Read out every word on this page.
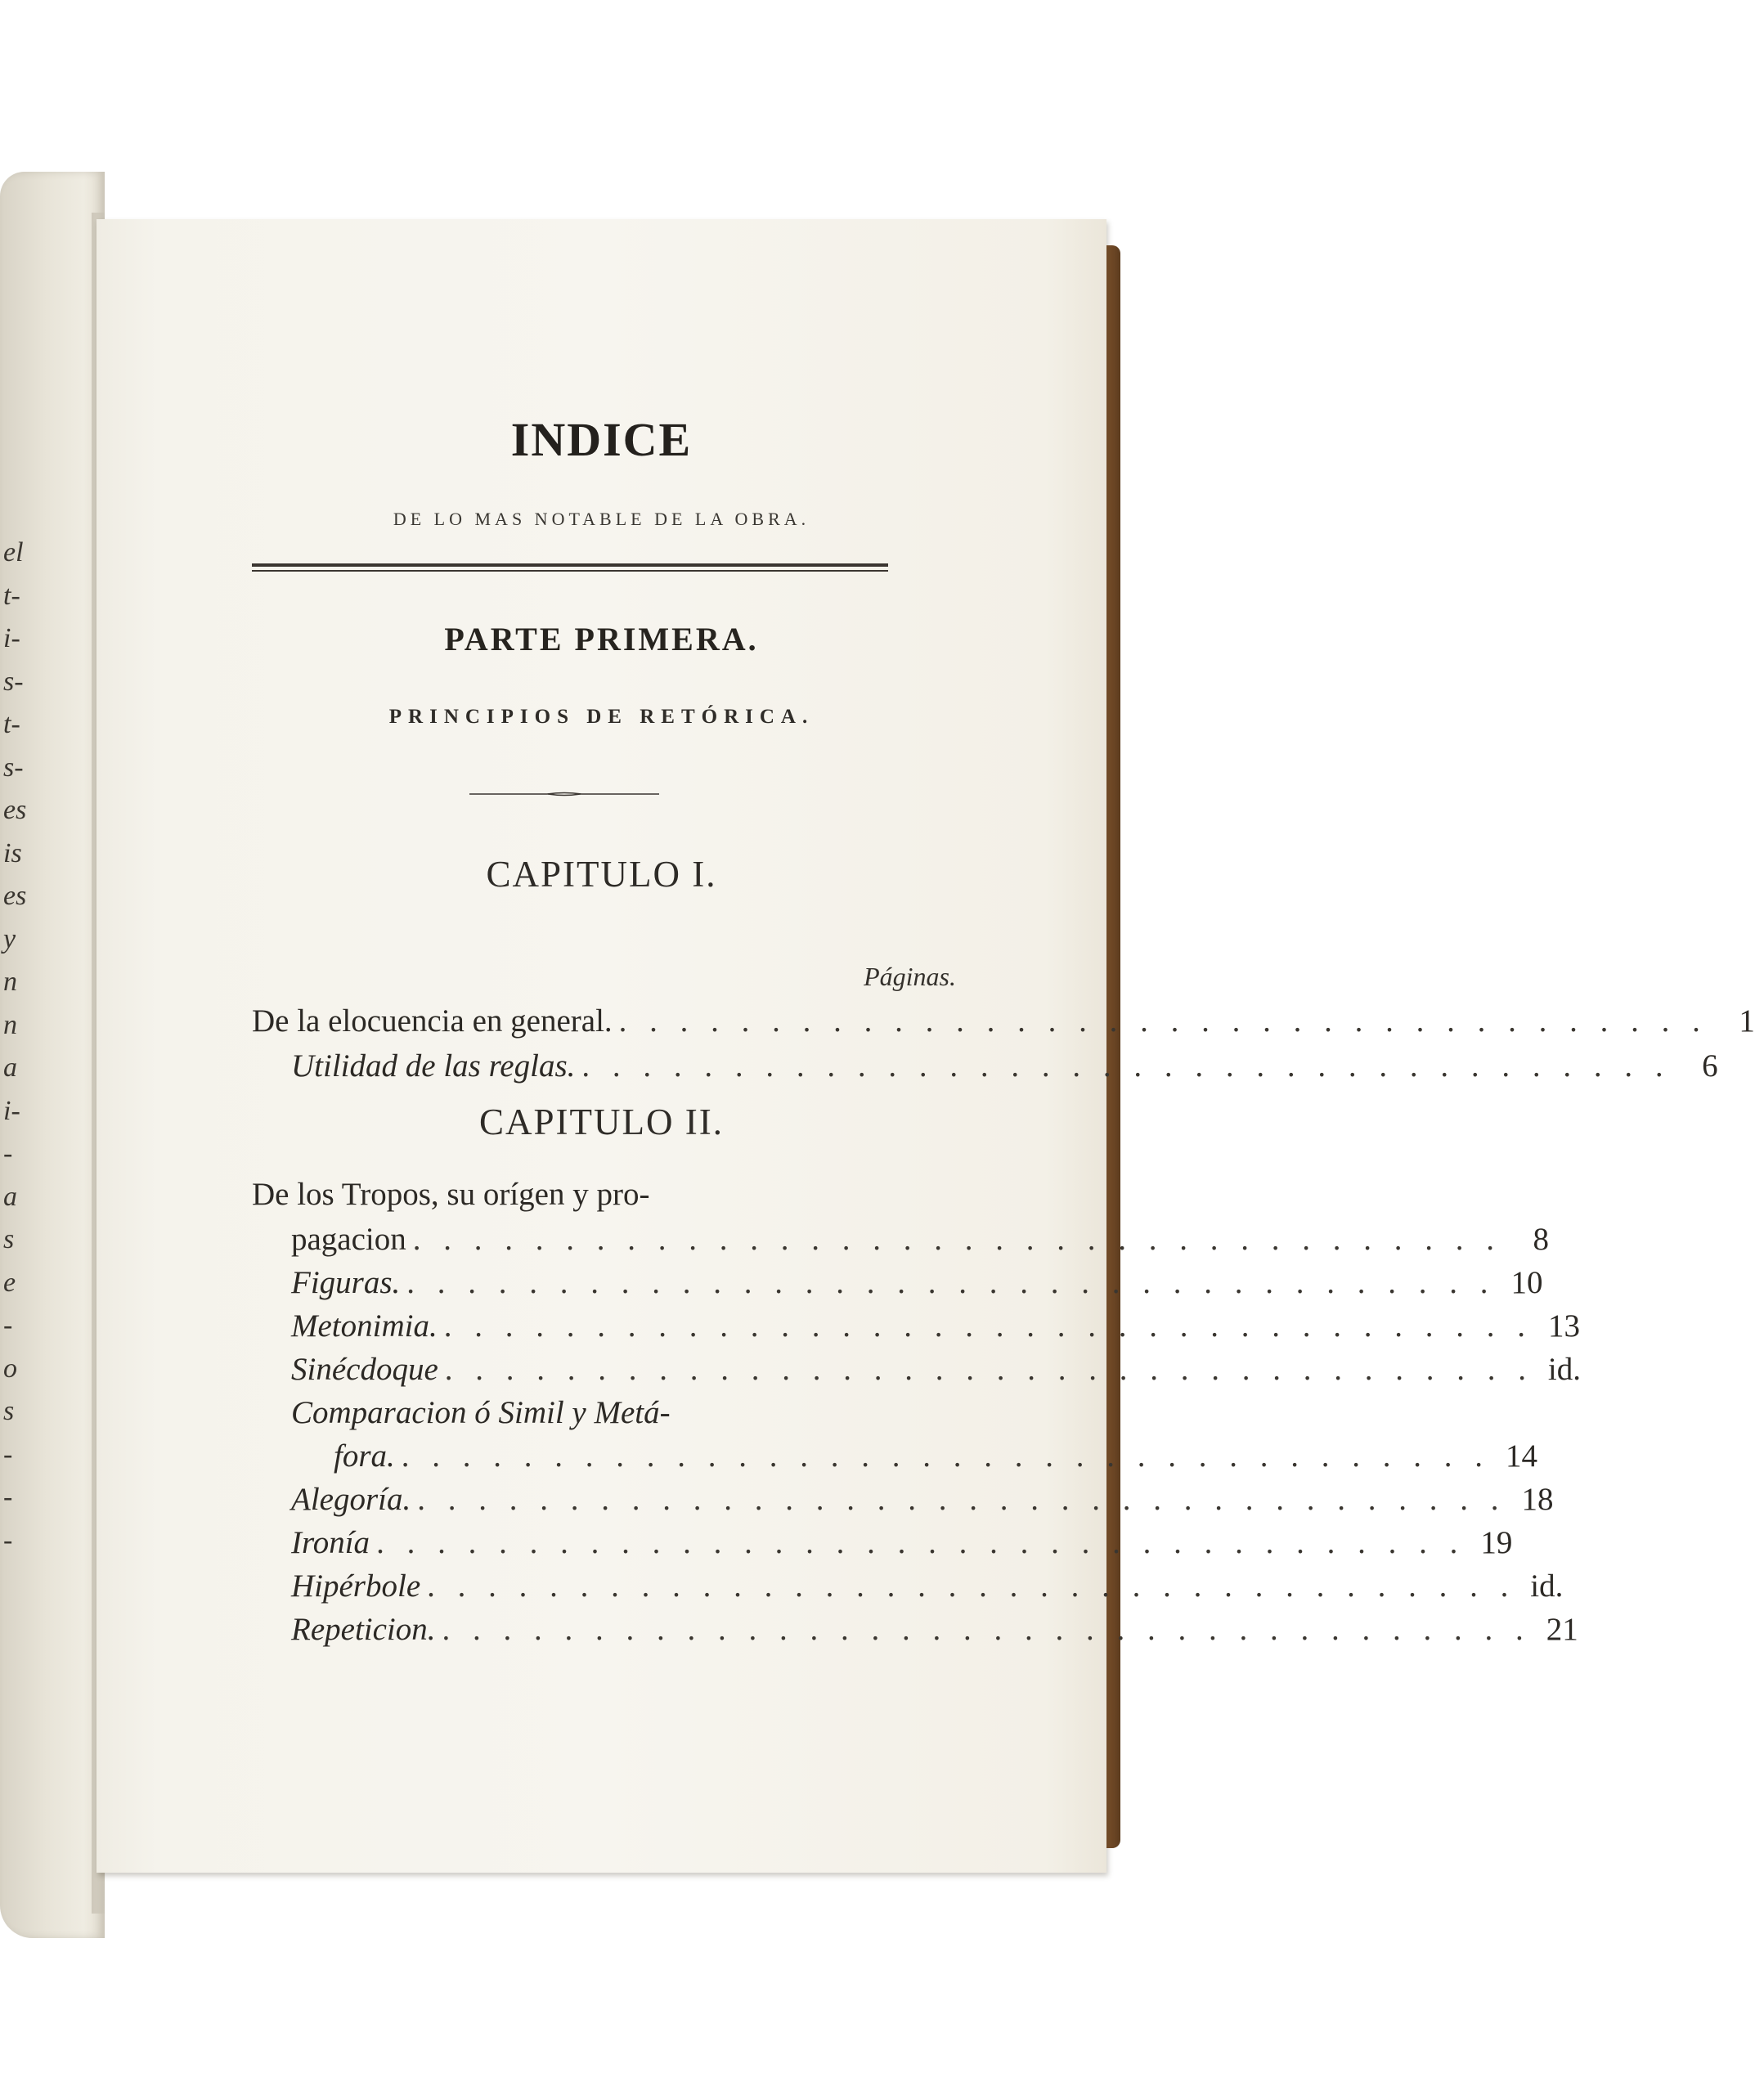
el
t-
i-
s-
t-
s-
es
is
es
y
n
n
a
i-
-
a
s
e
-
o
s
-
-
-
INDICE
DE LO MAS NOTABLE DE LA OBRA.
PARTE PRIMERA.
PRINCIPIOS DE RETÓRICA.
CAPITULO I.
Páginas.
De la elocuencia en general. . . . . . . . . . . . . . . . . . . . . . . . . . . . . . . . . . . . . 1
Utilidad de las reglas. . . . . . . . . . . . . . . . . . . . . . . . . . . . . . . . . . . . . 6
CAPITULO II.
De los Tropos, su orígen y pro-
pagacion . . . . . . . . . . . . . . . . . . . . . . . . . . . . . . . . . . . . 8
Figuras. . . . . . . . . . . . . . . . . . . . . . . . . . . . . . . . . . . . . 10
Metonimia. . . . . . . . . . . . . . . . . . . . . . . . . . . . . . . . . . . . . 13
Sinécdoque . . . . . . . . . . . . . . . . . . . . . . . . . . . . . . . . . . . . id.
Comparacion ó Simil y Metá-
fora. . . . . . . . . . . . . . . . . . . . . . . . . . . . . . . . . . . . . 14
Alegoría. . . . . . . . . . . . . . . . . . . . . . . . . . . . . . . . . . . . . 18
Ironía . . . . . . . . . . . . . . . . . . . . . . . . . . . . . . . . . . . . 19
Hipérbole . . . . . . . . . . . . . . . . . . . . . . . . . . . . . . . . . . . . id.
Repeticion. . . . . . . . . . . . . . . . . . . . . . . . . . . . . . . . . . . . . 21
